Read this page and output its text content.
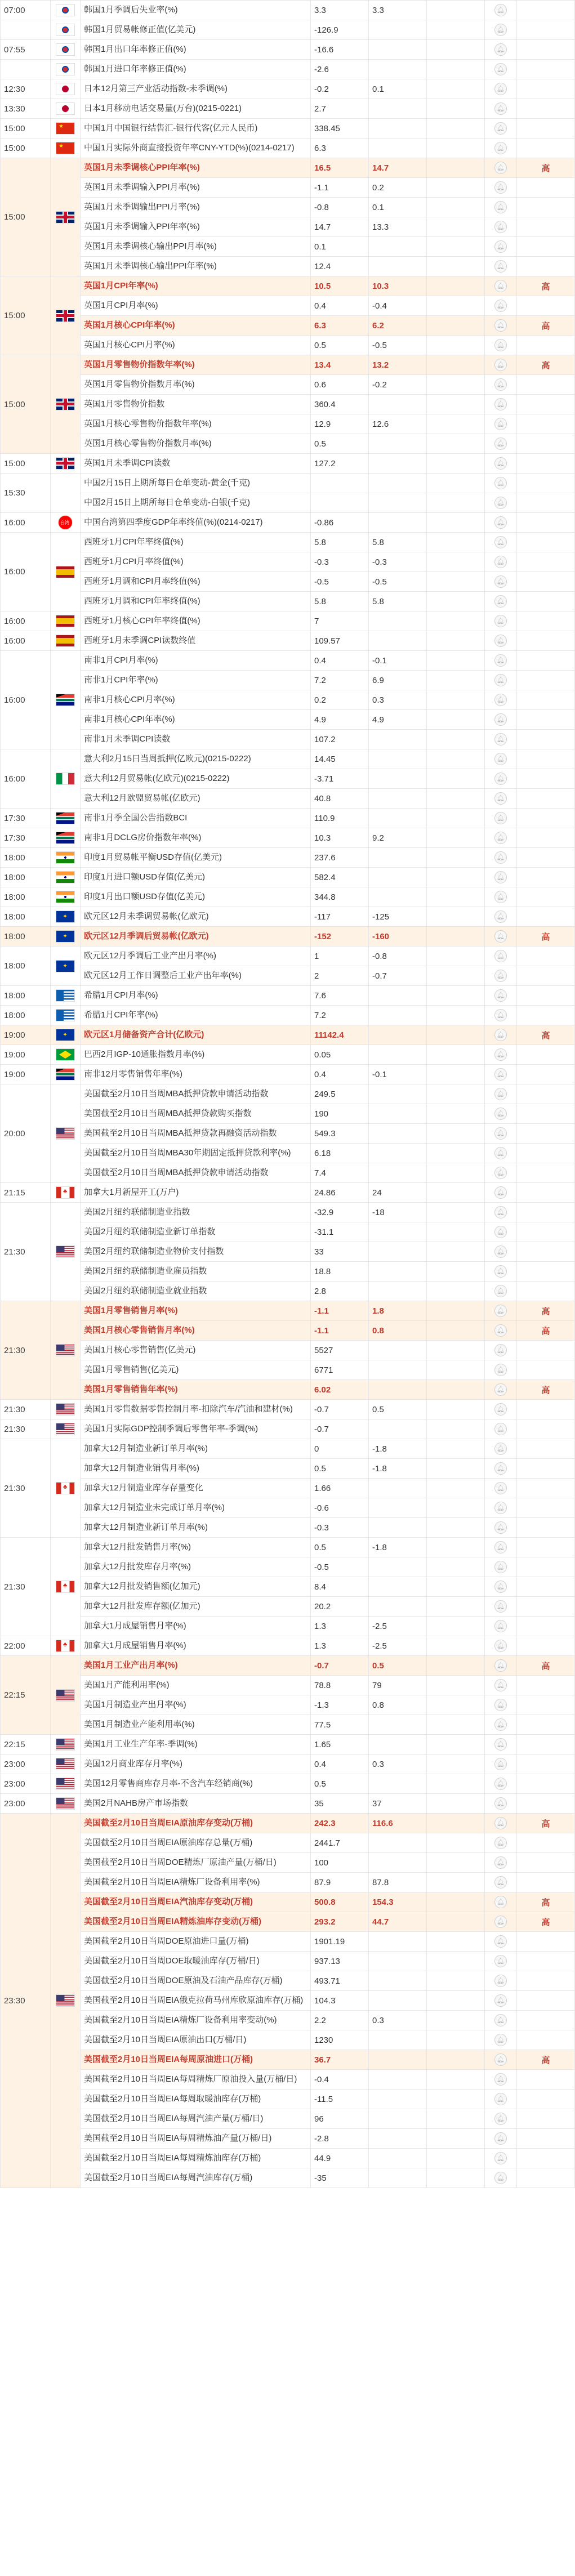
07:00		韩国1月季调后失业率(%)	3.3	3.3		🔔︎	

		韩国1月贸易帐修正值(亿美元)	-126.9			🔔︎	
07:55		韩国1月出口年率修正值(%)	-16.6			🔔︎	

		韩国1月进口年率修正值(%)	-2.6			🔔︎	
12:30		日本12月第三产业活动指数-未季调(%)	-0.2	0.1		🔔︎	
13:30		日本1月移动电话交易量(万台)(0215-0221)	2.7			🔔︎	
15:00	★	中国1月中国银行结售汇-银行代客(亿元人民币)	338.45			🔔︎	
15:00	★	中国1月实际外商直接投资年率CNY-YTD(%)(0214-0217)	6.3			🔔︎	
15:00		英国1月未季调核心PPI年率(%)	16.5	14.7		🔔︎	高

		英国1月未季调输入PPI月率(%)	-1.1	0.2		🔔︎	

		英国1月未季调输出PPI月率(%)	-0.8	0.1		🔔︎	

		英国1月未季调输入PPI年率(%)	14.7	13.3		🔔︎	

		英国1月未季调核心输出PPI月率(%)	0.1			🔔︎	

		英国1月未季调核心输出PPI年率(%)	12.4			🔔︎	
15:00		英国1月CPI年率(%)	10.5	10.3		🔔︎	高

		英国1月CPI月率(%)	0.4	-0.4		🔔︎	

		英国1月核心CPI年率(%)	6.3	6.2		🔔︎	高

		英国1月核心CPI月率(%)	0.5	-0.5		🔔︎	
15:00		英国1月零售物价指数年率(%)	13.4	13.2		🔔︎	高

		英国1月零售物价指数月率(%)	0.6	-0.2		🔔︎	

		英国1月零售物价指数	360.4			🔔︎	

		英国1月核心零售物价指数年率(%)	12.9	12.6		🔔︎	

		英国1月核心零售物价指数月率(%)	0.5			🔔︎	
15:00		英国1月未季调CPI读数	127.2			🔔︎	
15:30		中国2月15日上期所每日仓单变动-黄金(千克)				🔔︎	

		中国2月15日上期所每日仓单变动-白银(千克)				🔔︎	
16:00	台湾	中国台湾第四季度GDP年率终值(%)(0214-0217)	-0.86			🔔︎	
16:00		西班牙1月CPI年率终值(%)	5.8	5.8		🔔︎	

		西班牙1月CPI月率终值(%)	-0.3	-0.3		🔔︎	

		西班牙1月调和CPI月率终值(%)	-0.5	-0.5		🔔︎	

		西班牙1月调和CPI年率终值(%)	5.8	5.8		🔔︎	
16:00		西班牙1月核心CPI年率终值(%)	7			🔔︎	
16:00		西班牙1月未季调CPI读数终值	109.57			🔔︎	
16:00		南非1月CPI月率(%)	0.4	-0.1		🔔︎	

		南非1月CPI年率(%)	7.2	6.9		🔔︎	

		南非1月核心CPI月率(%)	0.2	0.3		🔔︎	

		南非1月核心CPI年率(%)	4.9	4.9		🔔︎	

		南非1月未季调CPI读数	107.2			🔔︎	
16:00		意大利2月15日当周抵押(亿欧元)(0215-0222)	14.45			🔔︎	

		意大利12月贸易帐(亿欧元)(0215-0222)	-3.71			🔔︎	

		意大利12月欧盟贸易帐(亿欧元)	40.8			🔔︎	
17:30		南非1月季全国公告指数BCI	110.9			🔔︎	
17:30		南非1月DCLG房价指数年率(%)	10.3	9.2		🔔︎	
18:00		印度1月贸易帐平衡USD存值(亿美元)	237.6			🔔︎	
18:00		印度1月进口额USD存值(亿美元)	582.4			🔔︎	
18:00		印度1月出口额USD存值(亿美元)	344.8			🔔︎	
18:00	✦	欧元区12月未季调贸易帐(亿欧元)	-117	-125		🔔︎	
18:00	✦	欧元区12月季调后贸易帐(亿欧元)	-152	-160		🔔︎	高
18:00	✦	欧元区12月季调后工业产出月率(%)	1	-0.8		🔔︎	

		欧元区12月工作日调整后工业产出年率(%)	2	-0.7		🔔︎	
18:00		希腊1月CPI月率(%)	7.6			🔔︎	
18:00		希腊1月CPI年率(%)	7.2			🔔︎	
19:00	✦	欧元区1月储备资产合计(亿欧元)	11142.4			🔔︎	高
19:00		巴西2月IGP-10通胀指数月率(%)	0.05			🔔︎	
19:00		南非12月零售销售年率(%)	0.4	-0.1		🔔︎	
20:00		美国截至2月10日当周MBA抵押贷款申请活动指数	249.5			🔔︎	

		美国截至2月10日当周MBA抵押贷款购买指数	190			🔔︎	

		美国截至2月10日当周MBA抵押贷款再融资活动指数	549.3			🔔︎	

		美国截至2月10日当周MBA30年期固定抵押贷款利率(%)	6.18			🔔︎	

		美国截至2月10日当周MBA抵押贷款申请活动指数	7.4			🔔︎	
21:15	♣	加拿大1月新屋开工(万户)	24.86	24		🔔︎	
21:30		美国2月纽约联储制造业指数	-32.9	-18		🔔︎	

		美国2月纽约联储制造业新订单指数	-31.1			🔔︎	

		美国2月纽约联储制造业物价支付指数	33			🔔︎	

		美国2月纽约联储制造业雇员指数	18.8			🔔︎	

		美国2月纽约联储制造业就业指数	2.8			🔔︎	
21:30		美国1月零售销售月率(%)	-1.1	1.8		🔔︎	高

		美国1月核心零售销售月率(%)	-1.1	0.8		🔔︎	高

		美国1月核心零售销售(亿美元)	5527			🔔︎	

		美国1月零售销售(亿美元)	6771			🔔︎	

		美国1月零售销售年率(%)	6.02			🔔︎	高
21:30		美国1月零售数据零售控制月率-扣除汽车/汽油和建材(%)	-0.7	0.5		🔔︎	
21:30		美国1月实际GDP控制季调后零售年率-季调(%)	-0.7			🔔︎	
21:30	♣	加拿大12月制造业新订单月率(%)	0	-1.8		🔔︎	

		加拿大12月制造业销售月率(%)	0.5	-1.8		🔔︎	

		加拿大12月制造业库存存量变化	1.66			🔔︎	

		加拿大12月制造业未完成订单月率(%)	-0.6			🔔︎	

		加拿大12月制造业新订单月率(%)	-0.3			🔔︎	
21:30	♣	加拿大12月批发销售月率(%)	0.5	-1.8		🔔︎	

		加拿大12月批发库存月率(%)	-0.5			🔔︎	

		加拿大12月批发销售额(亿加元)	8.4			🔔︎	

		加拿大12月批发库存额(亿加元)	20.2			🔔︎	

		加拿大1月成屋销售月率(%)	1.3	-2.5		🔔︎	
22:00	♣	加拿大1月成屋销售月率(%)	1.3	-2.5		🔔︎	
22:15		美国1月工业产出月率(%)	-0.7	0.5		🔔︎	高

		美国1月产能利用率(%)	78.8	79		🔔︎	

		美国1月制造业产出月率(%)	-1.3	0.8		🔔︎	

		美国1月制造业产能利用率(%)	77.5			🔔︎	
22:15		美国1月工业生产年率-季调(%)	1.65			🔔︎	
23:00		美国12月商业库存月率(%)	0.4	0.3		🔔︎	
23:00		美国12月零售商库存月率-不含汽车经销商(%)	0.5			🔔︎	
23:00		美国2月NAHB房产市场指数	35	37		🔔︎	
23:30		美国截至2月10日当周EIA原油库存变动(万桶)	242.3	116.6		🔔︎	高

		美国截至2月10日当周EIA原油库存总量(万桶)	2441.7			🔔︎	

		美国截至2月10日当周DOE精炼厂原油产量(万桶/日)	100			🔔︎	

		美国截至2月10日当周EIA精炼厂设备利用率(%)	87.9	87.8		🔔︎	

		美国截至2月10日当周EIA汽油库存变动(万桶)	500.8	154.3		🔔︎	高

		美国截至2月10日当周EIA精炼油库存变动(万桶)	293.2	44.7		🔔︎	高

		美国截至2月10日当周DOE原油进口量(万桶)	1901.19			🔔︎	

		美国截至2月10日当周DOE取暖油库存(万桶/日)	937.13			🔔︎	

		美国截至2月10日当周DOE原油及石油产品库存(万桶)	493.71			🔔︎	

		美国截至2月10日当周EIA俄克拉荷马州库欣原油库存(万桶)	104.3			🔔︎	

		美国截至2月10日当周EIA精炼厂设备利用率变动(%)	2.2	0.3		🔔︎	

		美国截至2月10日当周EIA原油出口(万桶/日)	1230			🔔︎	

		美国截至2月10日当周EIA每周原油进口(万桶)	36.7			🔔︎	高

		美国截至2月10日当周EIA每周精炼厂原油投入量(万桶/日)	-0.4			🔔︎	

		美国截至2月10日当周EIA每周取暖油库存(万桶)	-11.5			🔔︎	

		美国截至2月10日当周EIA每周汽油产量(万桶/日)	96			🔔︎	

		美国截至2月10日当周EIA每周精炼油产量(万桶/日)	-2.8			🔔︎	

		美国截至2月10日当周EIA每周精炼油库存(万桶)	44.9			🔔︎	

		美国截至2月10日当周EIA每周汽油库存(万桶)	-35			🔔︎	
